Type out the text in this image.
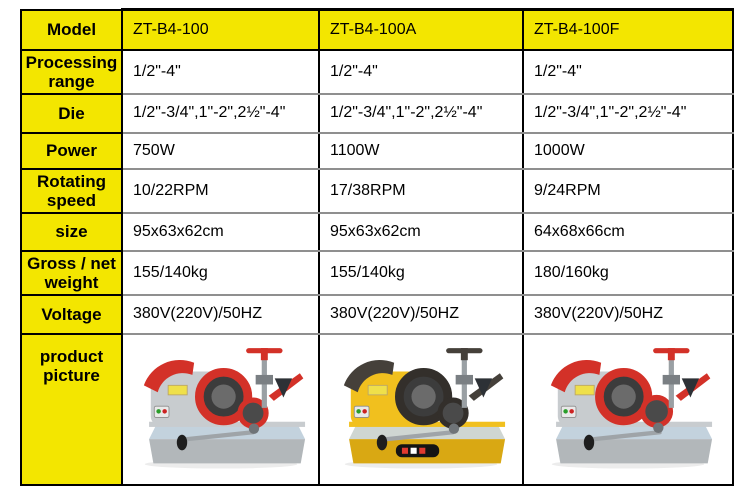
Model	ZT-B4-100	ZT-B4-100A	ZT-B4-100F
Processing range	1/2"-4"	1/2"-4"	1/2"-4"
Die	1/2"-3/4",1"-2",2½"-4"	1/2"-3/4",1"-2",2½"-4"	1/2"-3/4",1"-2",2½"-4"
Power	750W	1100W	1000W
Rotating speed	10/22RPM	17/38RPM	9/24RPM
size	95x63x62cm	95x63x62cm	64x68x66cm
Gross / net weight	155/140kg	155/140kg	180/160kg
Voltage	380V(220V)/50HZ	380V(220V)/50HZ	380V(220V)/50HZ
product picture	
